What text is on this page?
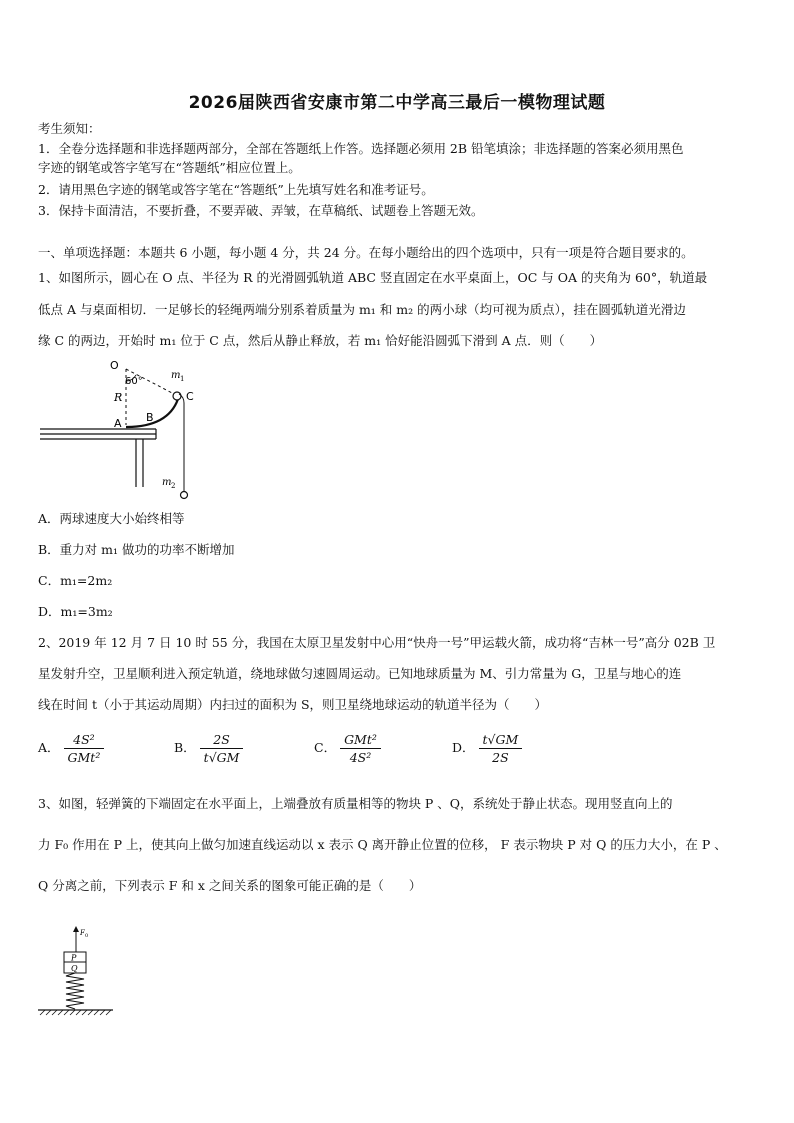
2026届陕西省安康市第二中学高三最后一模物理试题
考生须知：
1．全卷分选择题和非选择题两部分，全部在答题纸上作答。选择题必须用 2B 铅笔填涂；非选择题的答案必须用黑色
字迹的钢笔或答字笔写在“答题纸”相应位置上。
2．请用黑色字迹的钢笔或答字笔在“答题纸”上先填写姓名和准考证号。
3．保持卡面清洁，不要折叠，不要弄破、弄皱，在草稿纸、试题卷上答题无效。
一、单项选择题：本题共 6 小题，每小题 4 分，共 24 分。在每小题给出的四个选项中，只有一项是符合题目要求的。
1、如图所示，圆心在 O 点、半径为 R 的光滑圆弧轨道 ABC 竖直固定在水平桌面上，OC 与 OA 的夹角为 60°，轨道最
低点 A 与桌面相切．一足够长的轻绳两端分别系着质量为 m₁ 和 m₂ 的两小球（均可视为质点），挂在圆弧轨道光滑边
缘 C 的两边，开始时 m₁ 位于 C 点，然后从静止释放，若 m₁ 恰好能沿圆弧下滑到 A 点．则（　　）
O
60°
m 1
R
B
C
A
m 2
A．两球速度大小始终相等
B．重力对 m₁ 做功的功率不断增加
C．m₁=2m₂
D．m₁=3m₂
2、2019 年 12 月 7 日 10 时 55 分，我国在太原卫星发射中心用“快舟一号”甲运载火箭，成功将“吉林一号”高分 02B 卫
星发射升空，卫星顺利进入预定轨道，绕地球做匀速圆周运动。已知地球质量为 M、引力常量为 G，卫星与地心的连
线在时间 t（小于其运动周期）内扫过的面积为 S，则卫星绕地球运动的轨道半径为（　　）
A． $\frac{\text{4S²}}{\text{GMt²}}$	B． $\frac{2S}{t√GM}$	C． $\frac{\text{GMt²}}{\text{4S²}}$	D． $\frac{t√GM}{2S}$
3、如图，轻弹簧的下端固定在水平面上，上端叠放有质量相等的物块 P 、Q，系统处于静止状态。现用竖直向上的
力 F₀ 作用在 P 上，使其向上做匀加速直线运动以 x 表示 Q 离开静止位置的位移， F 表示物块 P 对 Q 的压力大小，在 P 、
Q 分离之前，下列表示 F 和 x 之间关系的图象可能正确的是（　　）
F 0
P
Q
